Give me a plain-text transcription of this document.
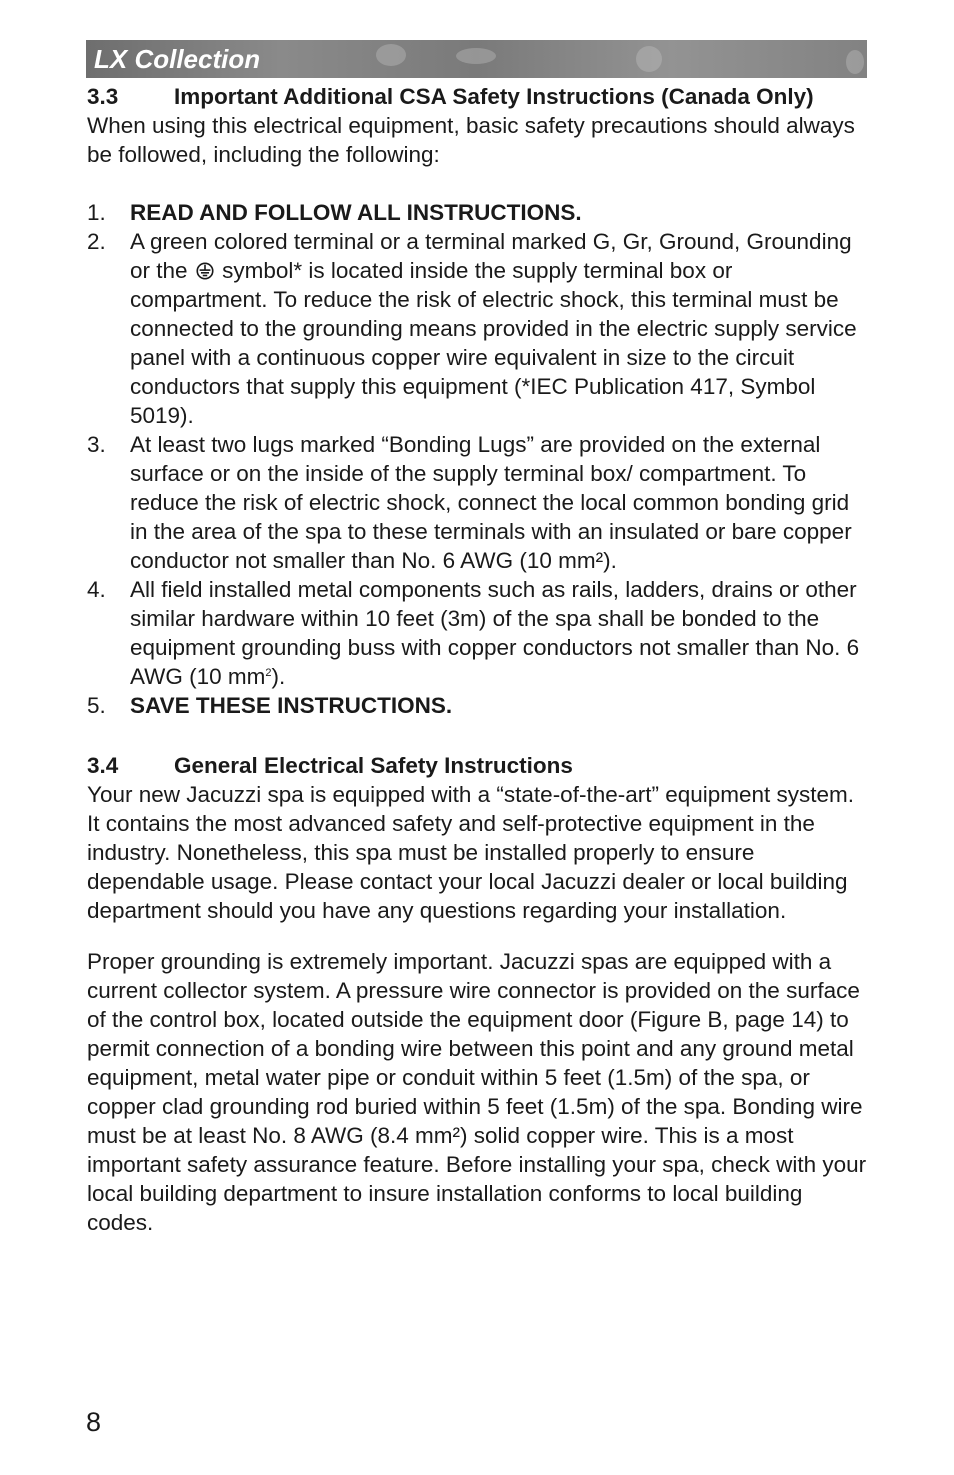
LX Collection
3.3	Important Additional CSA Safety Instructions (Canada Only)

When using this electrical equipment, basic safety precautions should always be followed, including the following:

1.	READ AND FOLLOW ALL INSTRUCTIONS.
2.	A green colored terminal or a terminal marked G, Gr, Ground, Grounding or the symbol* is located inside the supply terminal box or compartment. To reduce the risk of electric shock, this terminal must be connected to the grounding means provided in the electric supply service panel with a continuous copper wire equivalent in size to the circuit conductors that supply this equipment (*IEC Publication 417, Symbol 5019).
3.	At least two lugs marked “Bonding Lugs” are provided on the external surface or on the inside of the supply terminal box/ compartment. To reduce the risk of electric shock, connect the local common bonding grid in the area of the spa to these terminals with an insulated or bare copper conductor not smaller than No. 6 AWG (10 mm²).
4.	All field installed metal components such as rails, ladders, drains or other similar hardware within 10 feet (3m) of the spa shall be bonded to the equipment grounding buss with copper conductors not smaller than No. 6 AWG (10 $mm^2$).
5.	SAVE THESE INSTRUCTIONS.
3.4	General Electrical Safety Instructions

Your new Jacuzzi spa is equipped with a “state-of-the-art” equipment system. It contains the most advanced safety and self-protective equipment in the industry. Nonetheless, this spa must be installed properly to ensure dependable usage. Please contact your local Jacuzzi dealer or local building department should you have any questions regarding your installation.

Proper grounding is extremely important. Jacuzzi spas are equipped with a current collector system. A pressure wire connector is provided on the surface of the control box, located outside the equipment door (Figure B, page 14) to permit connection of a bonding wire between this point and any ground metal equipment, metal water pipe or conduit within 5 feet (1.5m) of the spa, or copper clad grounding rod buried within 5 feet (1.5m) of the spa. Bonding wire must be at least No. 8 AWG (8.4 mm²) solid copper wire. This is a most important safety assurance feature. Before installing your spa, check with your local building department to insure installation conforms to local building codes.

8
